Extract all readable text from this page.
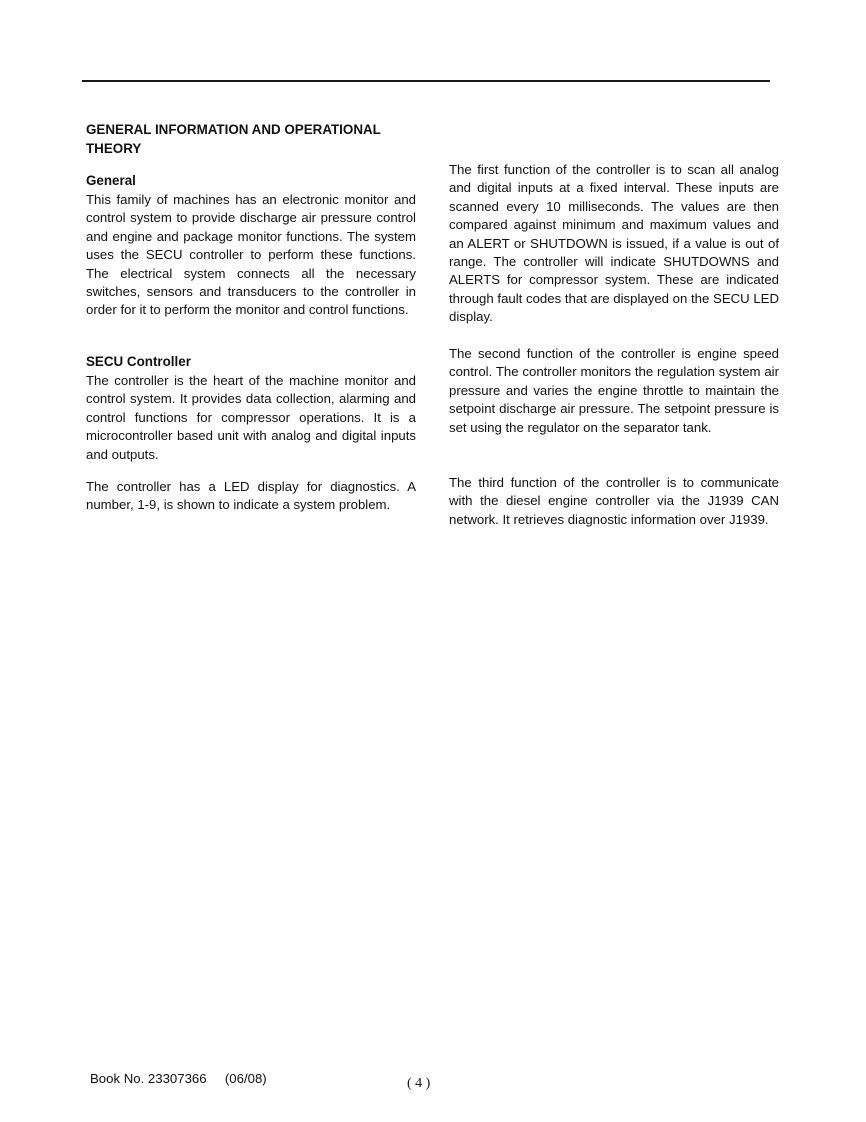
GENERAL INFORMATION AND OPERATIONAL THEORY
General

This family of machines has an electronic monitor and control system to provide discharge air pressure control and engine and package monitor functions. The system uses the SECU controller to perform these functions. The electrical system connects all the necessary switches, sensors and transducers to the controller in order for it to perform the monitor and control functions.

SECU Controller

The controller is the heart of the machine monitor and control system. It provides data collection, alarming and control functions for compressor operations. It is a microcontroller based unit with analog and digital inputs and outputs.

The controller has a LED display for diagnostics. A number, 1-9, is shown to indicate a system problem.

The first function of the controller is to scan all analog and digital inputs at a fixed interval. These inputs are scanned every 10 milliseconds. The values are then compared against minimum and maximum values and an ALERT or SHUTDOWN is issued, if a value is out of range. The controller will indicate SHUTDOWNS and ALERTS for compressor system. These are indicated through fault codes that are displayed on the SECU LED display.

The second function of the controller is engine speed control. The controller monitors the regulation system air pressure and varies the engine throttle to maintain the setpoint discharge air pressure. The setpoint pressure is set using the regulator on the separator tank.

The third function of the controller is to communicate with the diesel engine controller via the J1939 CAN network. It retrieves diagnostic information over J1939.

Book No. 23307366     (06/08)	( 4 )
